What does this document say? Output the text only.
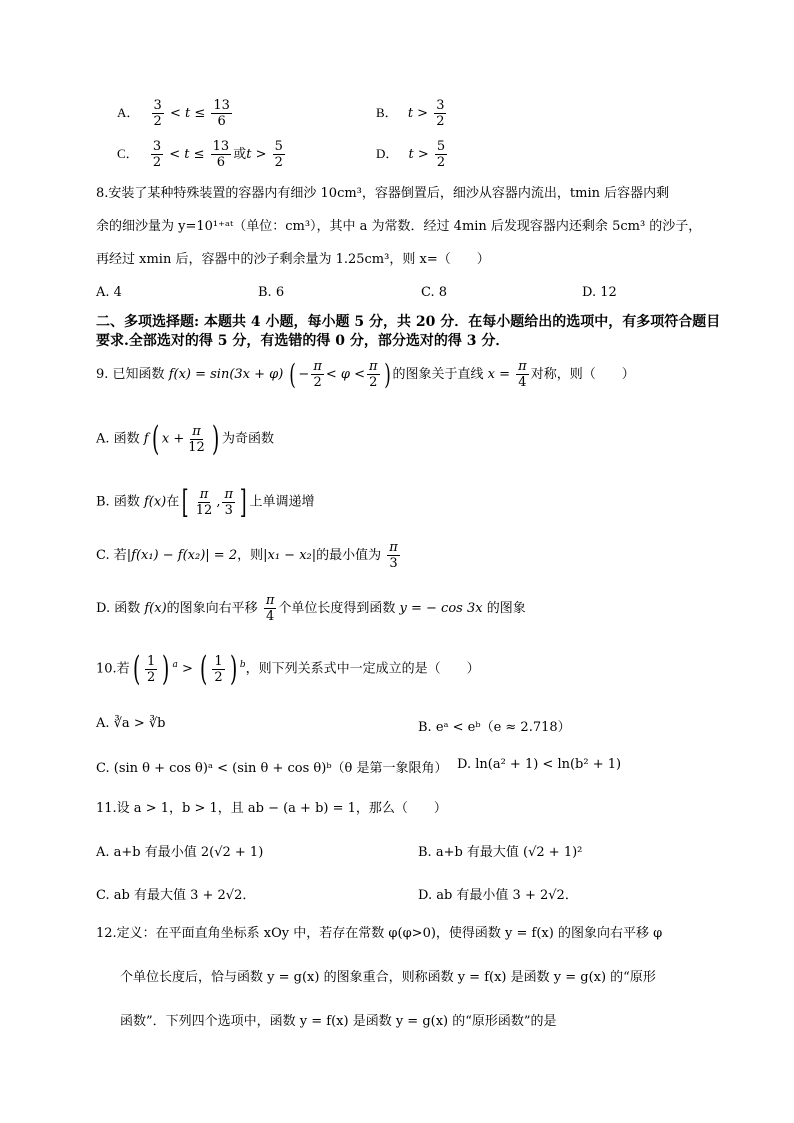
A． $\frac{3}{2} < t \le \frac{13}{6}$	B． $t > \frac{3}{2}$
C． $\frac{3}{2} < t \le \frac{13}{6}$ 或$t > \frac{5}{2}$	D． $t > \frac{5}{2}$
8.安装了某种特殊装置的容器内有细沙 10cm³，容器倒置后，细沙从容器内流出，tmin 后容器内剩
余的细沙量为 y=10¹⁺ᵃᵗ（单位：cm³），其中 a 为常数．经过 4min 后发现容器内还剩余 5cm³ 的沙子，
再经过 xmin 后，容器中的沙子剩余量为 1.25cm³，则 x=（　　）
A. 4	B. 6	C. 8	D. 12
二、多项选择题: 本题共 4 小题，每小题 5 分，共 20 分．在每小题给出的选项中，有多项符合题目
要求.全部选对的得 5 分，有选错的得 0 分，部分选对的得 3 分．
9. 已知函数 f(x) = sin(3x + φ) ( − $\frac{\pi}{2} < \varphi < \frac{\pi}{2}$ ) 的图象关于直线 $x = \frac{\pi}{4}$ 对称，则（　　）
A. 函数 f( $x + \frac{\pi}{12}$ ) 为奇函数
B. 函数 f(x)在[ $\frac{\pi}{12}$ , $\frac{\pi}{3}$ ] 上单调递增
C. 若|f(x₁) − f(x₂)| = 2，则|x₁ − x₂|的最小值为 $\frac{\pi}{3}$
D. 函数 f(x)的图象向右平移 $\frac{\pi}{4}$ 个单位长度得到函数 y = − cos 3x 的图象
10.若( $\frac{1}{2}$ ) $^a$ > ( $\frac{1}{2}$ ) $^b$，则下列关系式中一定成立的是（　　）
A. ∛a > ∛b	B. eᵃ < eᵇ（e ≈ 2.718）
C. (sin θ + cos θ)ᵃ < (sin θ + cos θ)ᵇ（θ 是第一象限角） D. ln(a² + 1) < ln(b² + 1)
11.设 a > 1，b > 1，且 ab − (a + b) = 1，那么（　　）
A. a+b 有最小值 2(√2 + 1)	B. a+b 有最大值 (√2 + 1)²
C. ab 有最大值 3 + 2√2．	D. ab 有最小值 3 + 2√2．
12.定义：在平面直角坐标系 xOy 中，若存在常数 φ(φ>0)，使得函数 y = f(x) 的图象向右平移 φ
个单位长度后，恰与函数 y = g(x) 的图象重合，则称函数 y = f(x) 是函数 y = g(x) 的“原形
函数”．下列四个选项中，函数 y = f(x) 是函数 y = g(x) 的“原形函数”的是
